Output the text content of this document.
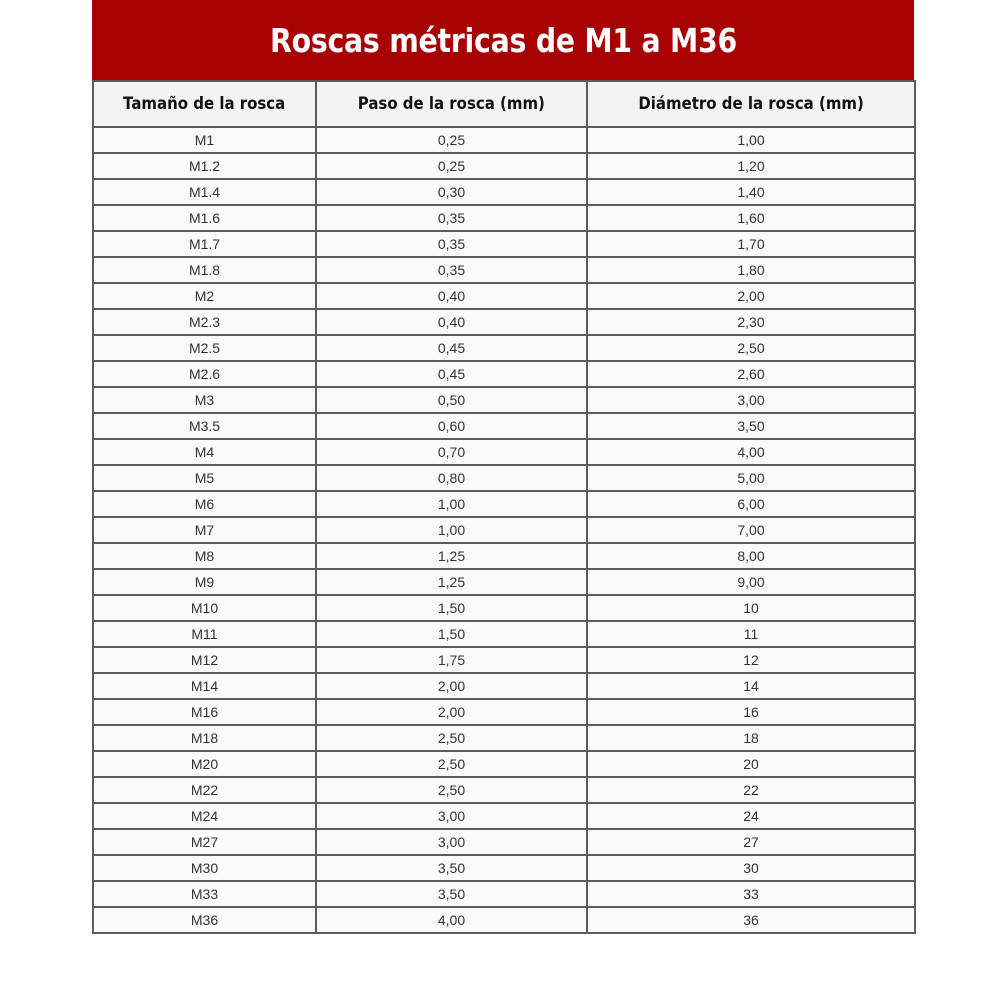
Roscas métricas de M1 a M36
Tamaño de la rosca	Paso de la rosca (mm)	Diámetro de la rosca (mm)
M1	0,25	1,00
M1.2	0,25	1,20
M1.4	0,30	1,40
M1.6	0,35	1,60
M1.7	0,35	1,70
M1.8	0,35	1,80
M2	0,40	2,00
M2.3	0,40	2,30
M2.5	0,45	2,50
M2.6	0,45	2,60
M3	0,50	3,00
M3.5	0,60	3,50
M4	0,70	4,00
M5	0,80	5,00
M6	1,00	6,00
M7	1,00	7,00
M8	1,25	8,00
M9	1,25	9,00
M10	1,50	10
M11	1,50	11
M12	1,75	12
M14	2,00	14
M16	2,00	16
M18	2,50	18
M20	2,50	20
M22	2,50	22
M24	3,00	24
M27	3,00	27
M30	3,50	30
M33	3,50	33
M36	4,00	36
